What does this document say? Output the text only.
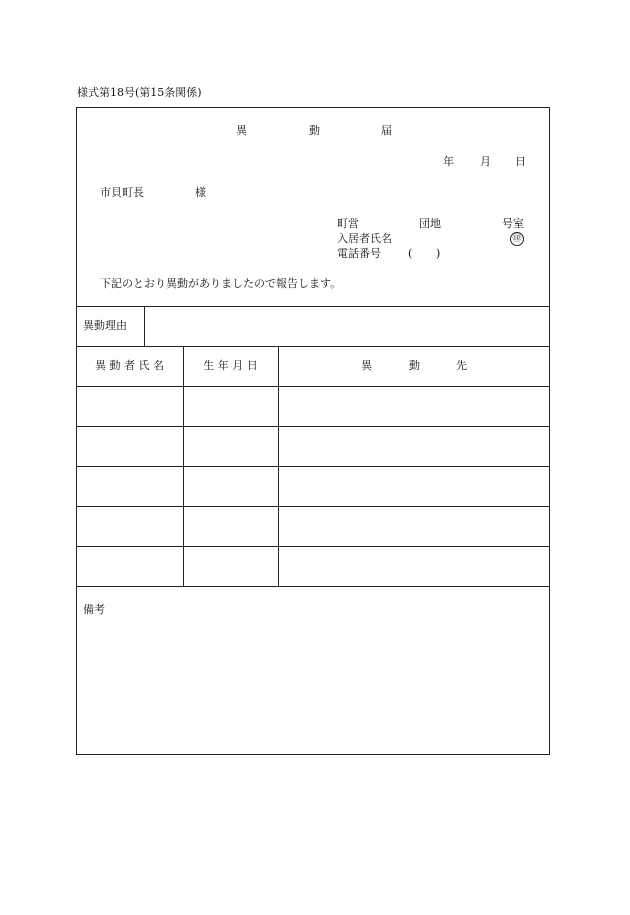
様式第18号(第15条関係)
異	動	届
年 月 日
市貝町長	様
町営	団地	号室
入居者氏名	㊞
電話番号 ( )
下記のとおり異動がありましたので報告します。
異動理由
異 動 者 氏 名	生 年 月 日	異	動	先
備考
